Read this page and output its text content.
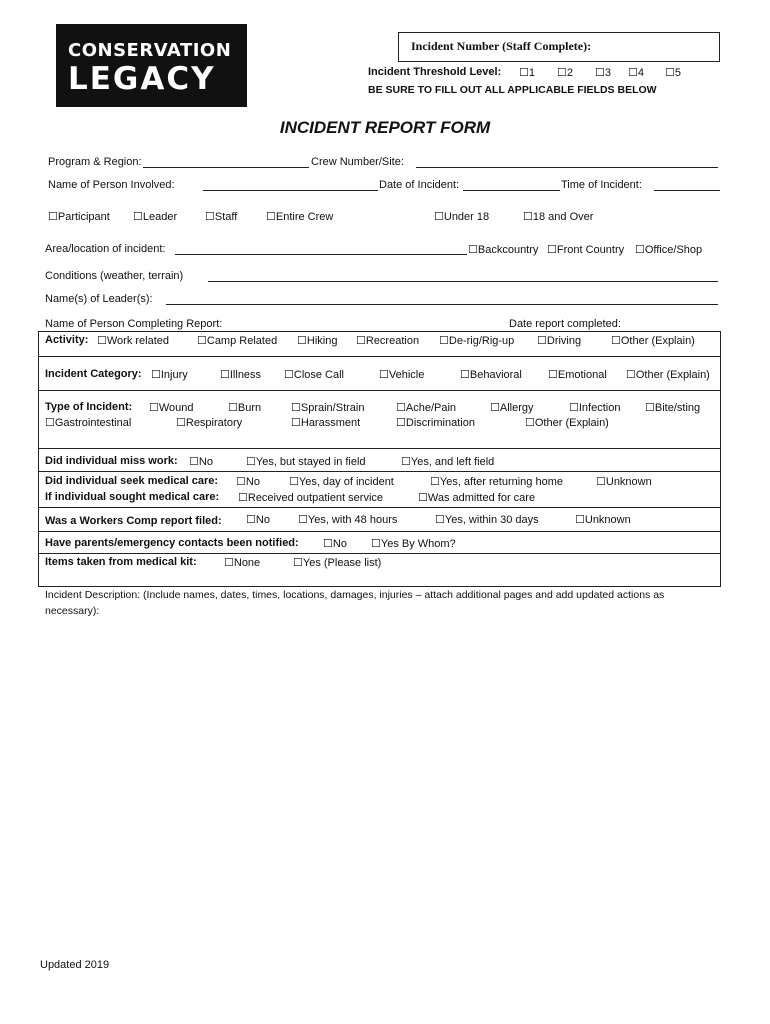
CONSERVATION
LEGACY
Incident Number (Staff Complete):
Incident Threshold Level:	☐ 1	☐ 2	☐ 3	☐ 4	☐ 5
BE SURE TO FILL OUT ALL APPLICABLE FIELDS BELOW
INCIDENT REPORT FORM
Program & Region:	Crew Number/Site:
Name of Person Involved:	Date of Incident:	Time of Incident:
☐ Participant	☐ Leader	☐ Staff	☐ Entire Crew	☐ Under 18	☐ 18 and Over
Area/location of incident:	☐ Backcountry	☐ Front Country	☐ Office/Shop
Conditions (weather, terrain)
Name(s) of Leader(s):
Name of Person Completing Report:	Date report completed:
Activity:	☐ Work related	☐ Camp Related	☐ Hiking	☐ Recreation	☐ De-rig/Rig-up	☐ Driving	☐ Other (Explain)
Incident Category:	☐ Injury	☐ Illness	☐ Close Call	☐ Vehicle	☐ Behavioral	☐ Emotional	☐ Other (Explain)
Type of Incident:	☐ Wound	☐ Burn	☐ Sprain/Strain	☐ Ache/Pain	☐ Allergy	☐ Infection	☐ Bite/sting
☐ Gastrointestinal	☐ Respiratory	☐ Harassment	☐ Discrimination	☐ Other (Explain)
Did individual miss work:	☐ No	☐ Yes, but stayed in field	☐ Yes, and left field
Did individual seek medical care:	☐ No	☐ Yes, day of incident	☐ Yes, after returning home	☐ Unknown
If individual sought medical care:	☐ Received outpatient service	☐ Was admitted for care
Was a Workers Comp report filed:	☐ No	☐ Yes, with 48 hours	☐ Yes, within 30 days	☐ Unknown
Have parents/emergency contacts been notified:	☐ No	☐ Yes By Whom?
Items taken from medical kit:	☐ None	☐ Yes (Please list)
Incident Description: (Include names, dates, times, locations, damages, injuries – attach additional pages and add updated actions as
necessary):
Updated 2019
